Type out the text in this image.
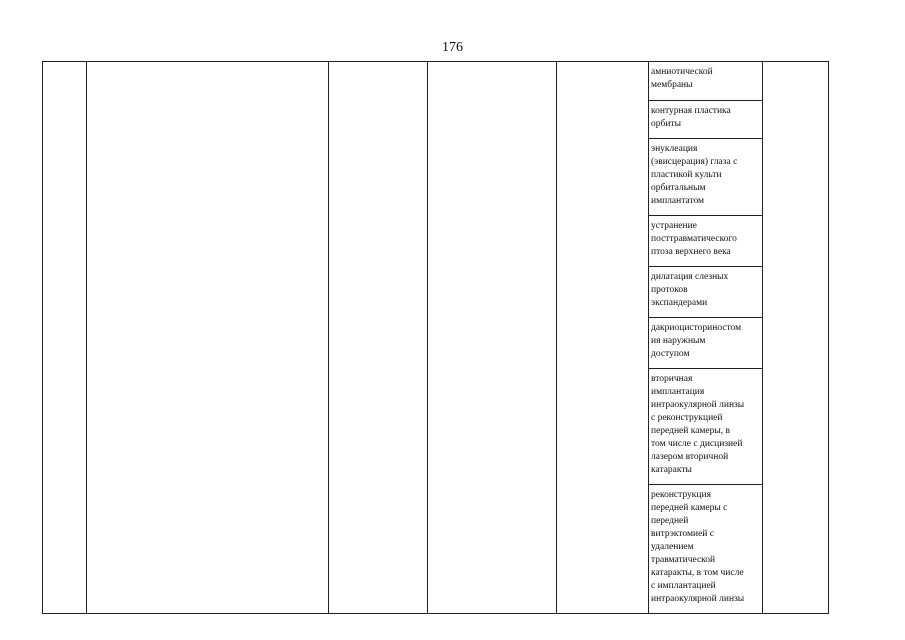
176
амниотической
мембраны
контурная пластика
орбиты
энуклеация
(эвисцерация) глаза с
пластикой культи
орбитальным
имплантатом
устранение
посттравматического
птоза верхнего века
дилатация слезных
протоков
экспандерами
дакриоцисториностом
ия наружным
доступом
вторичная
имплантация
интраокулярной линзы
с реконструкцией
передней камеры, в
том числе с дисцизией
лазером вторичной
катаракты
реконструкция
передней камеры с
передней
витрэктомией с
удалением
травматической
катаракты, в том числе
с имплантацией
интраокулярной линзы
